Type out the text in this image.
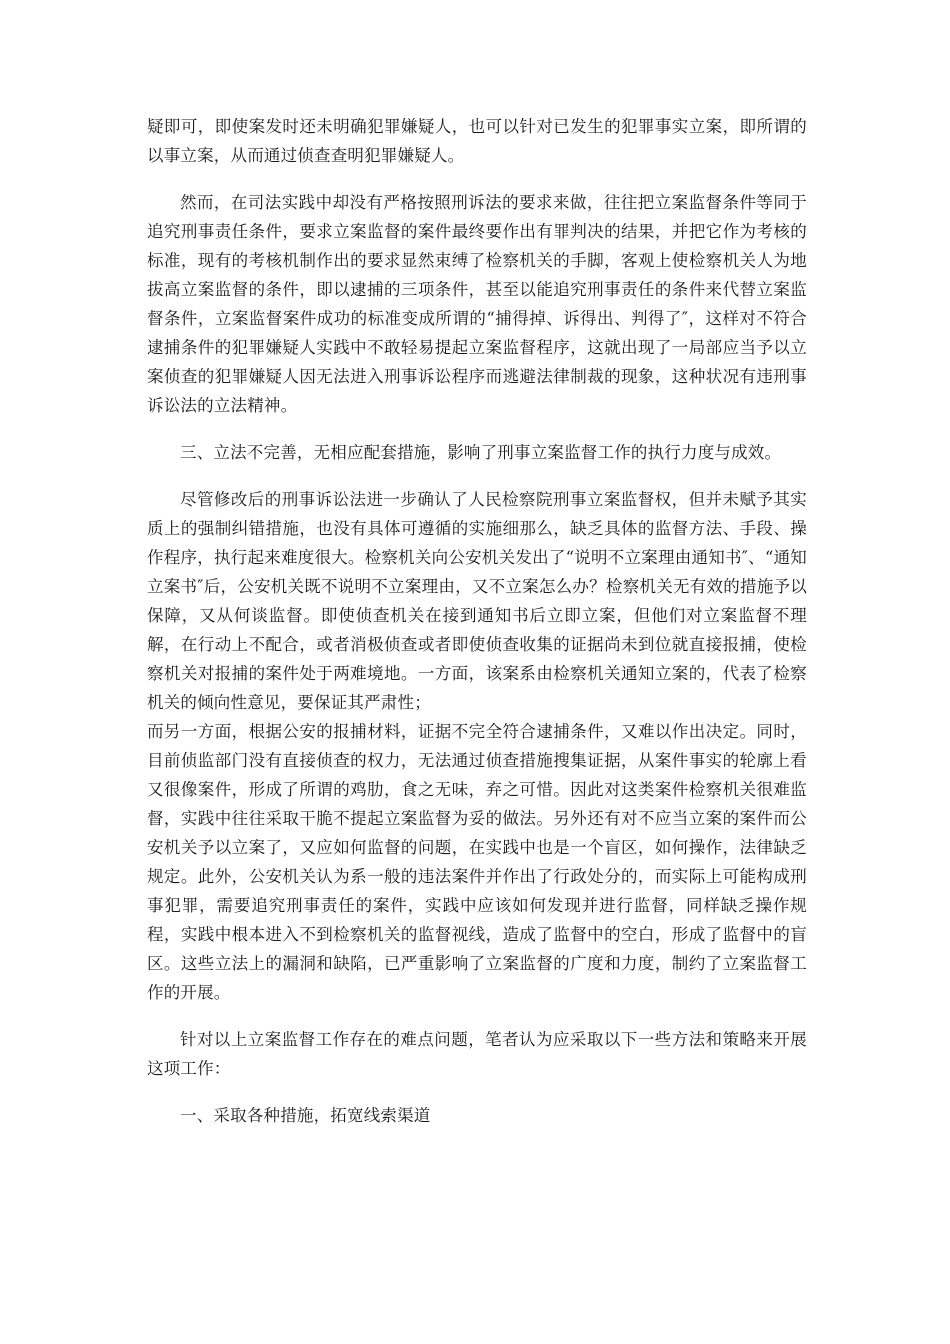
疑即可，即使案发时还未明确犯罪嫌疑人，也可以针对已发生的犯罪事实立案，即所谓的以事立案，从而通过侦查查明犯罪嫌疑人。

然而，在司法实践中却没有严格按照刑诉法的要求来做，往往把立案监督条件等同于追究刑事责任条件，要求立案监督的案件最终要作出有罪判决的结果，并把它作为考核的标准，现有的考核机制作出的要求显然束缚了检察机关的手脚，客观上使检察机关人为地拔高立案监督的条件，即以逮捕的三项条件，甚至以能追究刑事责任的条件来代替立案监督条件，立案监督案件成功的标准变成所谓的“捕得掉、诉得出、判得了″，这样对不符合逮捕条件的犯罪嫌疑人实践中不敢轻易提起立案监督程序，这就出现了一局部应当予以立案侦查的犯罪嫌疑人因无法进入刑事诉讼程序而逃避法律制裁的现象，这种状况有违刑事诉讼法的立法精神。

三、立法不完善，无相应配套措施，影响了刑事立案监督工作的执行力度与成效。

尽管修改后的刑事诉讼法进一步确认了人民检察院刑事立案监督权，但并未赋予其实质上的强制纠错措施，也没有具体可遵循的实施细那么，缺乏具体的监督方法、手段、操作程序，执行起来难度很大。检察机关向公安机关发出了“说明不立案理由通知书″、“通知立案书″后，公安机关既不说明不立案理由，又不立案怎么办？检察机关无有效的措施予以保障，又从何谈监督。即使侦查机关在接到通知书后立即立案，但他们对立案监督不理解，在行动上不配合，或者消极侦查或者即使侦查收集的证据尚未到位就直接报捕，使检察机关对报捕的案件处于两难境地。一方面，该案系由检察机关通知立案的，代表了检察机关的倾向性意见，要保证其严肃性；

而另一方面，根据公安的报捕材料，证据不完全符合逮捕条件，又难以作出决定。同时，目前侦监部门没有直接侦查的权力，无法通过侦查措施搜集证据，从案件事实的轮廓上看又很像案件，形成了所谓的鸡肋，食之无味，弃之可惜。因此对这类案件检察机关很难监督，实践中往往采取干脆不提起立案监督为妥的做法。另外还有对不应当立案的案件而公安机关予以立案了，又应如何监督的问题，在实践中也是一个盲区，如何操作，法律缺乏规定。此外，公安机关认为系一般的违法案件并作出了行政处分的，而实际上可能构成刑事犯罪，需要追究刑事责任的案件，实践中应该如何发现并进行监督，同样缺乏操作规程，实践中根本进入不到检察机关的监督视线，造成了监督中的空白，形成了监督中的盲区。这些立法上的漏洞和缺陷，已严重影响了立案监督的广度和力度，制约了立案监督工作的开展。

针对以上立案监督工作存在的难点问题，笔者认为应采取以下一些方法和策略来开展这项工作：

一、采取各种措施，拓宽线索渠道
